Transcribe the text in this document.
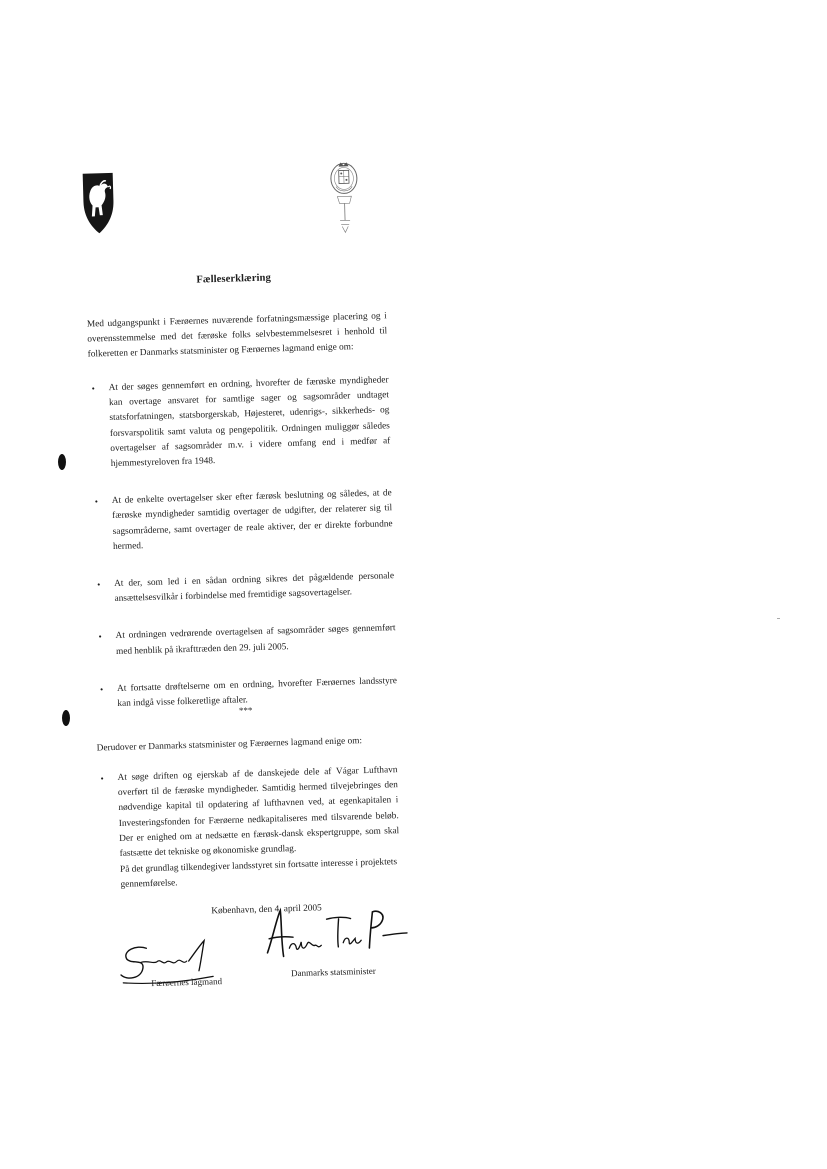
Fælleserklæring
Med udgangspunkt i Færøernes nuværende forfatningsmæssige placering og i overensstemmelse med det færøske folks selvbestemmelsesret i henhold til folkeretten er Danmarks statsminister og Færøernes lagmand enige om:
• At der søges gennemført en ordning, hvorefter de færøske myndigheder kan overtage ansvaret for samtlige sager og sagsområder undtaget statsforfatningen, statsborgerskab, Højesteret, udenrigs-, sikkerheds- og forsvarspolitik samt valuta og pengepolitik. Ordningen muliggør således overtagelser af sagsområder m.v. i videre omfang end i medfør af hjemmestyreloven fra 1948.
• At de enkelte overtagelser sker efter færøsk beslutning og således, at de færøske myndigheder samtidig overtager de udgifter, der relaterer sig til sagsområderne, samt overtager de reale aktiver, der er direkte forbundne hermed.
• At der, som led i en sådan ordning sikres det pågældende personale ansættelsesvilkår i forbindelse med fremtidige sagsovertagelser.
• At ordningen vedrørende overtagelsen af sagsområder søges gennemført med henblik på ikrafttræden den 29. juli 2005.
• At fortsatte drøftelserne om en ordning, hvorefter Færøernes landsstyre kan indgå visse folkeretlige aftaler.
***
Derudover er Danmarks statsminister og Færøernes lagmand enige om:
• At søge driften og ejerskab af de danskejede dele af Vágar Lufthavn overført til de færøske myndigheder. Samtidig hermed tilvejebringes den nødvendige kapital til opdatering af lufthavnen ved, at egenkapitalen i Investeringsfonden for Færøerne nedkapitaliseres med tilsvarende beløb. Der er enighed om at nedsætte en færøsk-dansk ekspertgruppe, som skal fastsætte det tekniske og økonomiske grundlag.
På det grundlag tilkendegiver landsstyret sin fortsatte interesse i projektets gennemførelse.
København, den 4. april 2005
Færøernes lagmand
Danmarks statsminister
